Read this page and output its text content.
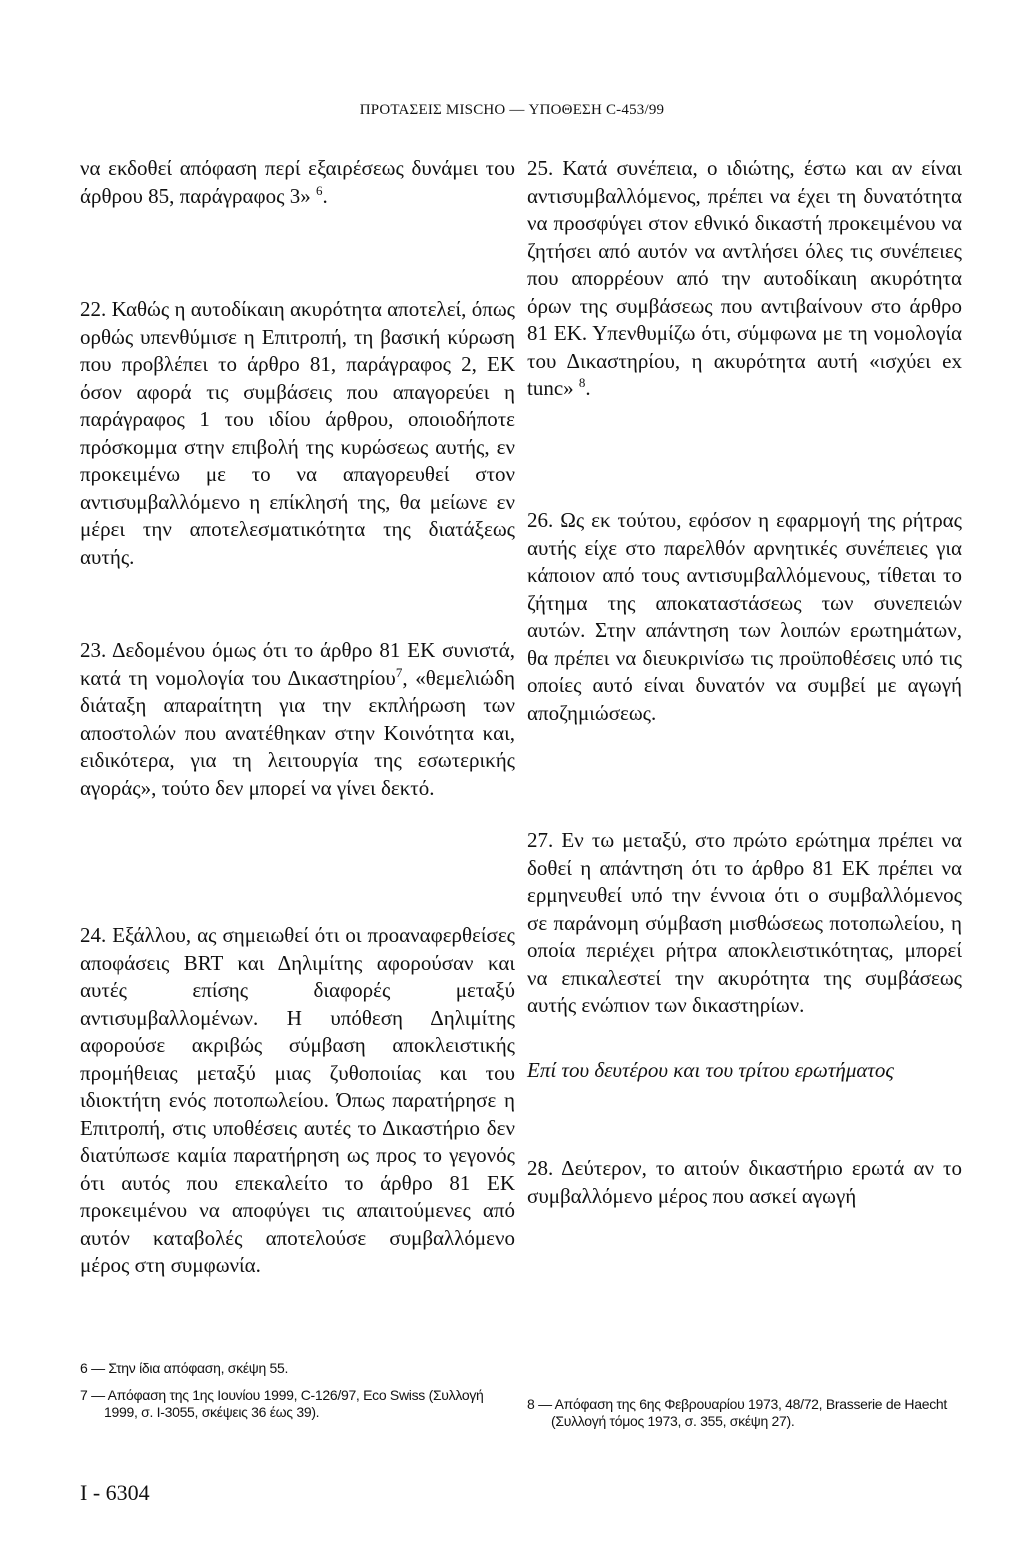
ΠΡΟΤΑΣΕΙΣ MISCHO — ΥΠΟΘΕΣΗ C-453/99

να εκδοθεί απόφαση περί εξαιρέσεως δυνάμει του άρθρου 85, παράγραφος 3» $^6$.

22. Καθώς η αυτοδίκαιη ακυρότητα αποτελεί, όπως ορθώς υπενθύμισε η Επιτροπή, τη βασική κύρωση που προβλέπει το άρθρο 81, παράγραφος 2, ΕΚ όσον αφορά τις συμβάσεις που απαγορεύει η παράγραφος 1 του ιδίου άρθρου, οποιοδήποτε πρόσκομμα στην επιβολή της κυρώσεως αυτής, εν προκειμένω με το να απαγορευθεί στον αντισυμβαλλόμενο η επίκλησή της, θα μείωνε εν μέρει την αποτελεσματικότητα της διατάξεως αυτής.

23. Δεδομένου όμως ότι το άρθρο 81 ΕΚ συνιστά, κατά τη νομολογία του Δικαστηρίου$^7$, «θεμελιώδη διάταξη απαραίτητη για την εκπλήρωση των αποστολών που ανατέθηκαν στην Κοινότητα και, ειδικότερα, για τη λειτουργία της εσωτερικής αγοράς», τούτο δεν μπορεί να γίνει δεκτό.

24. Εξάλλου, ας σημειωθεί ότι οι προαναφερθείσες αποφάσεις BRT και Δηλιμίτης αφορούσαν και αυτές επίσης διαφορές μεταξύ αντισυμβαλλομένων. Η υπόθεση Δηλιμίτης αφορούσε ακριβώς σύμβαση αποκλειστικής προμήθειας μεταξύ μιας ζυθοποιίας και του ιδιοκτήτη ενός ποτοπωλείου. Όπως παρατήρησε η Επιτροπή, στις υποθέσεις αυτές το Δικαστήριο δεν διατύπωσε καμία παρατήρηση ως προς το γεγονός ότι αυτός που επεκαλείτο το άρθρο 81 ΕΚ προκειμένου να αποφύγει τις απαιτούμενες από αυτόν καταβολές αποτελούσε συμβαλλόμενο μέρος στη συμφωνία.

25. Κατά συνέπεια, ο ιδιώτης, έστω και αν είναι αντισυμβαλλόμενος, πρέπει να έχει τη δυνατότητα να προσφύγει στον εθνικό δικαστή προκειμένου να ζητήσει από αυτόν να αντλήσει όλες τις συνέπειες που απορρέουν από την αυτοδίκαιη ακυρότητα όρων της συμβάσεως που αντιβαίνουν στο άρθρο 81 ΕΚ. Υπενθυμίζω ότι, σύμφωνα με τη νομολογία του Δικαστηρίου, η ακυρότητα αυτή «ισχύει ex tunc» $^8$.

26. Ως εκ τούτου, εφόσον η εφαρμογή της ρήτρας αυτής είχε στο παρελθόν αρνητικές συνέπειες για κάποιον από τους αντισυμβαλλόμενους, τίθεται το ζήτημα της αποκαταστάσεως των συνεπειών αυτών. Στην απάντηση των λοιπών ερωτημάτων, θα πρέπει να διευκρινίσω τις προϋποθέσεις υπό τις οποίες αυτό είναι δυνατόν να συμβεί με αγωγή αποζημιώσεως.

27. Εν τω μεταξύ, στο πρώτο ερώτημα πρέπει να δοθεί η απάντηση ότι το άρθρο 81 ΕΚ πρέπει να ερμηνευθεί υπό την έννοια ότι ο συμβαλλόμενος σε παράνομη σύμβαση μισθώσεως ποτοπωλείου, η οποία περιέχει ρήτρα αποκλειστικότητας, μπορεί να επικαλεστεί την ακυρότητα της συμβάσεως αυτής ενώπιον των δικαστηρίων.

Επί του δευτέρου και του τρίτου ερωτήματος

28. Δεύτερον, το αιτούν δικαστήριο ερωτά αν το συμβαλλόμενο μέρος που ασκεί αγωγή

6 — Στην ίδια απόφαση, σκέψη 55.
7 — Απόφαση της 1ης Ιουνίου 1999, C-126/97, Eco Swiss (Συλλογή 1999, σ. I-3055, σκέψεις 36 έως 39).	8 — Απόφαση της 6ης Φεβρουαρίου 1973, 48/72, Brasserie de Haecht (Συλλογή τόμος 1973, σ. 355, σκέψη 27).
I - 6304
